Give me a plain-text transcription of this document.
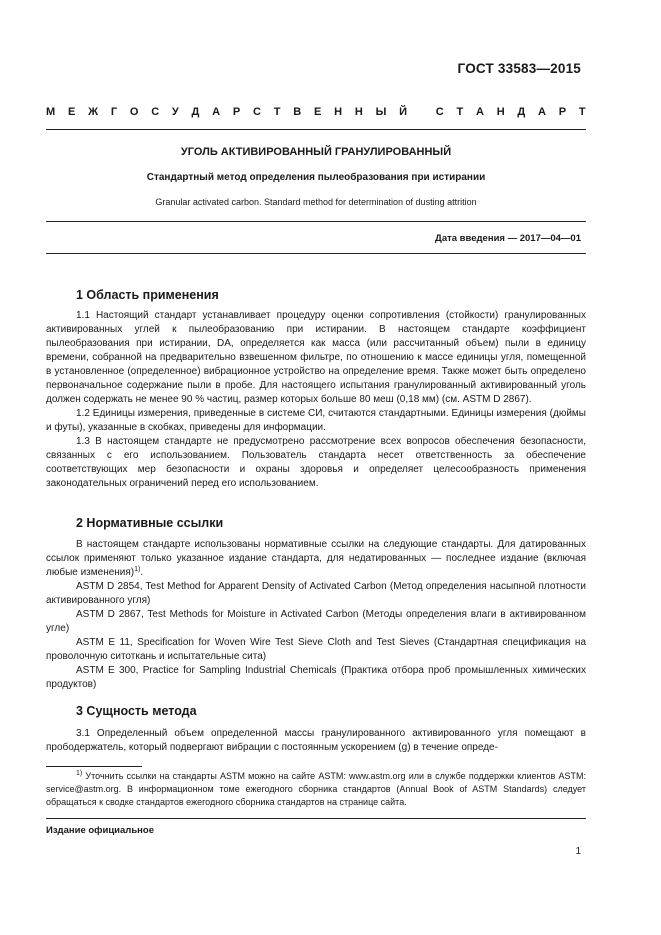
ГОСТ 33583—2015
М Е Ж Г О С У Д А Р С Т В Е Н Н Ы Й
	С Т А Н Д А Р Т
УГОЛЬ АКТИВИРОВАННЫЙ ГРАНУЛИРОВАННЫЙ
Стандартный метод определения пылеобразования при истирании
Granular activated carbon. Standard method for determination of dusting attrition
Дата введения — 2017—04—01
1 Область применения

1.1 Настоящий стандарт устанавливает процедуру оценки сопротивления (стойкости) гранулированных активированных углей к пылеобразованию при истирании. В настоящем стандарте коэффициент пылеобразования при истирании, DA, определяется как масса (или рассчитанный объем) пыли в единицу времени, собранной на предварительно взвешенном фильтре, по отношению к массе единицы угля, помещенной в установленное (определенное) вибрационное устройство на определение время. Также может быть определено первоначальное содержание пыли в пробе. Для настоящего испытания гранулированный активированный уголь должен содержать не менее 90 % частиц, размер которых больше 80 меш (0,18 мм) (см. ASTM D 2867).

1.2 Единицы измерения, приведенные в системе СИ, считаются стандартными. Единицы измерения (дюймы и футы), указанные в скобках, приведены для информации.

1.3 В настоящем стандарте не предусмотрено рассмотрение всех вопросов обеспечения безопасности, связанных с его использованием. Пользователь стандарта несет ответственность за обеспечение соответствующих мер безопасности и охраны здоровья и определяет целесообразность применения законодательных ограничений перед его использованием.

2 Нормативные ссылки

В настоящем стандарте использованы нормативные ссылки на следующие стандарты. Для датированных ссылок применяют только указанное издание стандарта, для недатированных — последнее издание (включая любые изменения)$^{1)}$.

ASTM D 2854, Test Method for Apparent Density of Activated Carbon (Метод определения насыпной плотности активированного угля)

ASTM D 2867, Test Methods for Moisture in Activated Carbon (Методы определения влаги в активированном угле)

ASTM E 11, Specification for Woven Wire Test Sieve Cloth and Test Sieves (Стандартная спецификация на проволочную ситоткань и испытательные сита)

ASTM E 300, Practice for Sampling Industrial Chemicals (Практика отбора проб промышленных химических продуктов)

3 Сущность метода

3.1 Определенный объем определенной массы гранулированного активированного угля помещают в прободержатель, который подвергают вибрации с постоянным ускорением (g) в течение опреде-

$^{1)}$ Уточнить ссылки на стандарты ASTM можно на сайте ASTM: www.astm.org или в службе поддержки клиентов ASTM: service@astm.org. В информационном томе ежегодного сборника стандартов (Annual Book of ASTM Standards) следует обращаться к сводке стандартов ежегодного сборника стандартов на странице сайта.

Издание официальное
1
